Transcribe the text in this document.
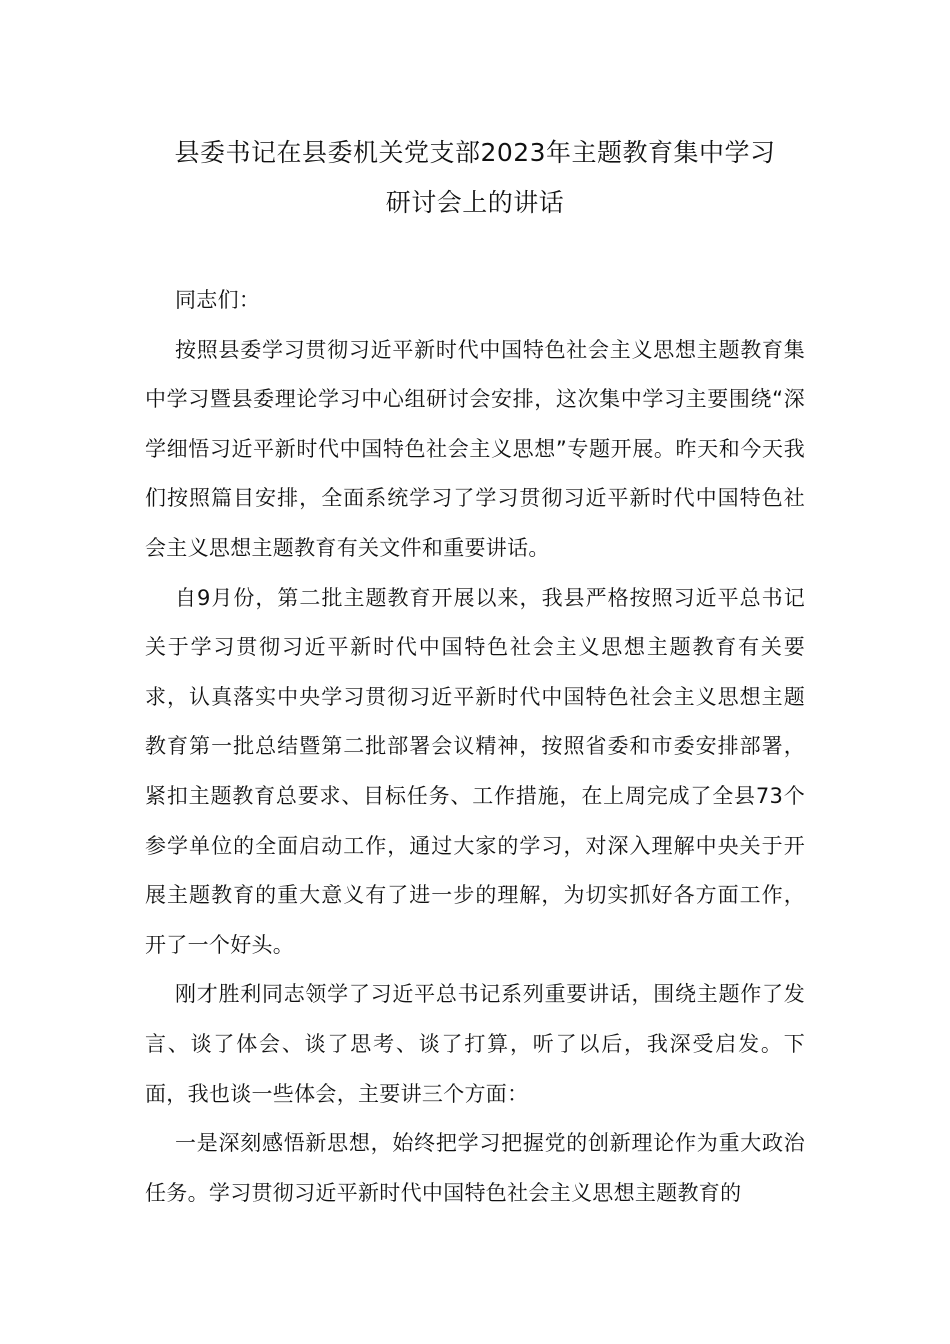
县委书记在县委机关党支部2023年主题教育集中学习
研讨会上的讲话

同志们：

按照县委学习贯彻习近平新时代中国特色社会主义思想主题教育集中学习暨县委理论学习中心组研讨会安排，这次集中学习主要围绕“深学细悟习近平新时代中国特色社会主义思想”专题开展。昨天和今天我们按照篇目安排，全面系统学习了学习贯彻习近平新时代中国特色社会主义思想主题教育有关文件和重要讲话。

自9月份，第二批主题教育开展以来，我县严格按照习近平总书记关于学习贯彻习近平新时代中国特色社会主义思想主题教育有关要求，认真落实中央学习贯彻习近平新时代中国特色社会主义思想主题教育第一批总结暨第二批部署会议精神，按照省委和市委安排部署，紧扣主题教育总要求、目标任务、工作措施，在上周完成了全县73个参学单位的全面启动工作，通过大家的学习，对深入理解中央关于开展主题教育的重大意义有了进一步的理解，为切实抓好各方面工作，开了一个好头。

刚才胜利同志领学了习近平总书记系列重要讲话，围绕主题作了发言、谈了体会、谈了思考、谈了打算，听了以后，我深受启发。下面，我也谈一些体会，主要讲三个方面：

一是深刻感悟新思想，始终把学习把握党的创新理论作为重大政治任务。学习贯彻习近平新时代中国特色社会主义思想主题教育的
